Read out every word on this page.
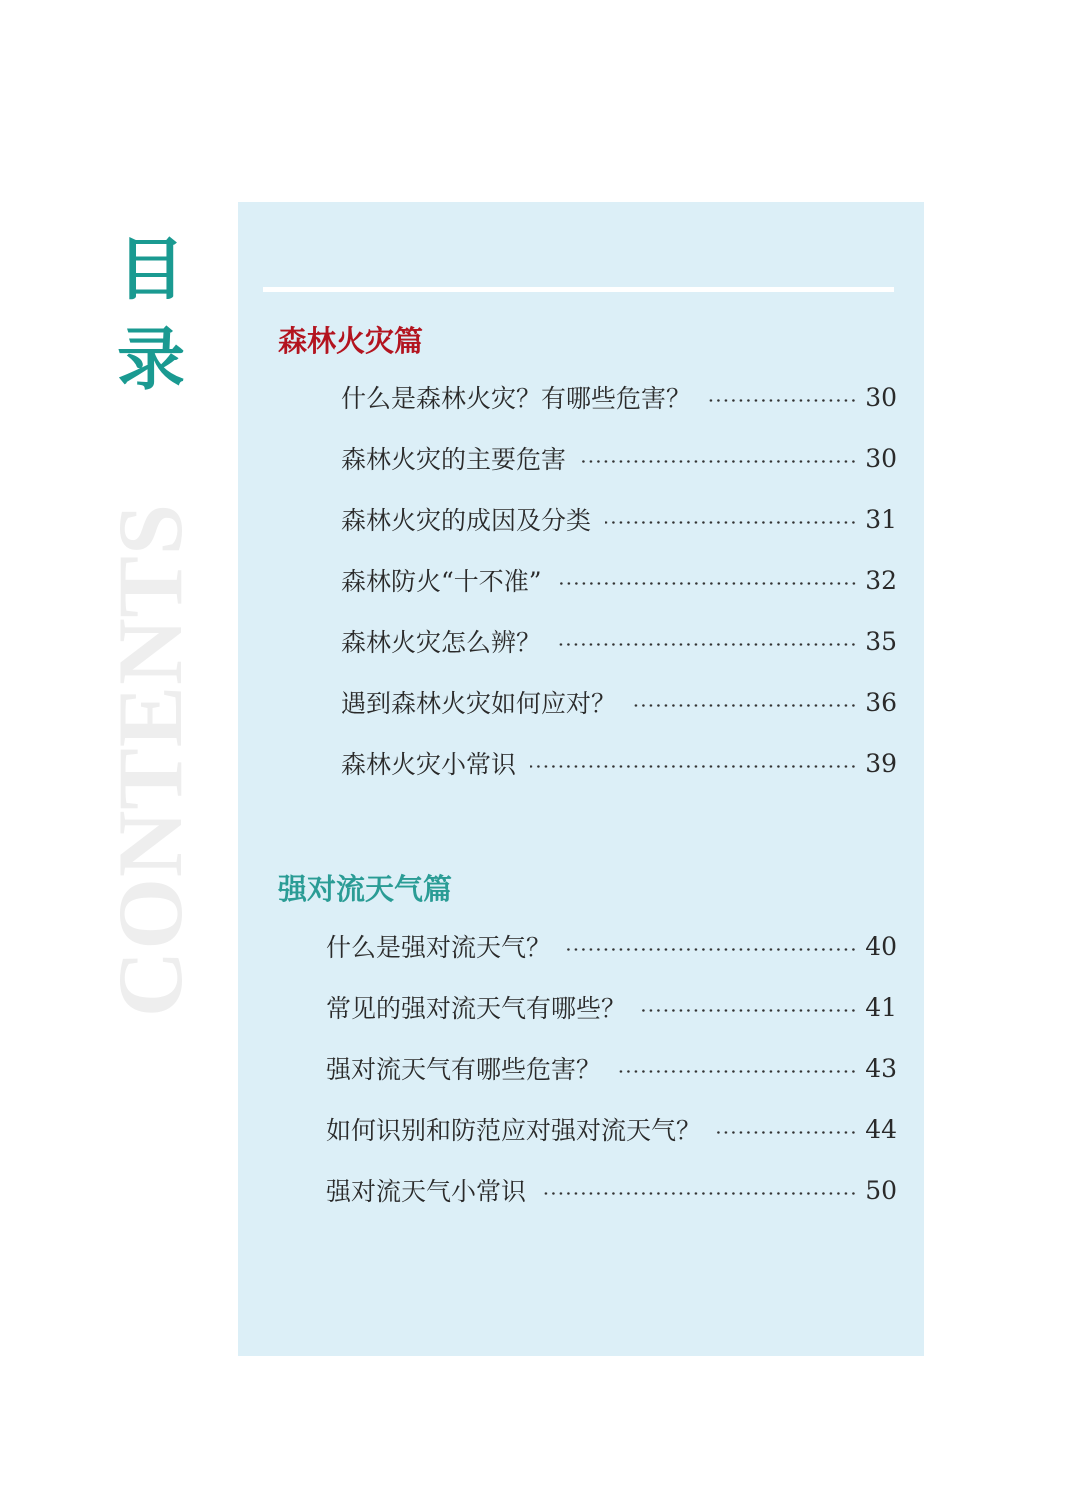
目
录
CONTENTS
森林火灾篇
什么是森林火灾？有哪些危害？	30
森林火灾的主要危害	30
森林火灾的成因及分类	31
森林防火“十不准”	32
森林火灾怎么辨？	35
遇到森林火灾如何应对？	36
森林火灾小常识	39
强对流天气篇
什么是强对流天气？	40
常见的强对流天气有哪些？	41
强对流天气有哪些危害？	43
如何识别和防范应对强对流天气？	44
强对流天气小常识	50
